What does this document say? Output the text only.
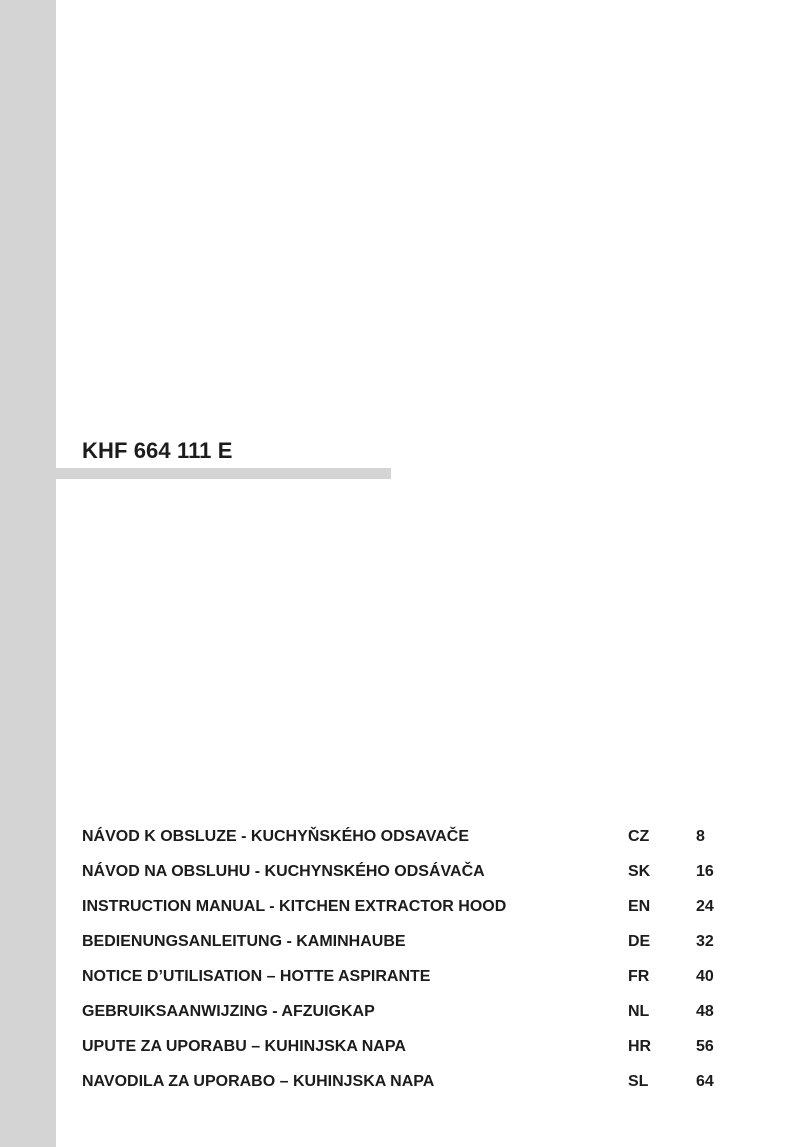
KHF 664 111 E
NÁVOD K OBSLUZE - KUCHYŇSKÉHO ODSAVAČE	CZ	8
NÁVOD NA OBSLUHU - KUCHYNSKÉHO ODSÁVAČA	SK	16
INSTRUCTION MANUAL - KITCHEN EXTRACTOR HOOD	EN	24
BEDIENUNGSANLEITUNG - KAMINHAUBE	DE	32
NOTICE D’UTILISATION – HOTTE ASPIRANTE	FR	40
GEBRUIKSAANWIJZING - AFZUIGKAP	NL	48
UPUTE ZA UPORABU – KUHINJSKA NAPA	HR	56
NAVODILA ZA UPORABO – KUHINJSKA NAPA	SL	64
